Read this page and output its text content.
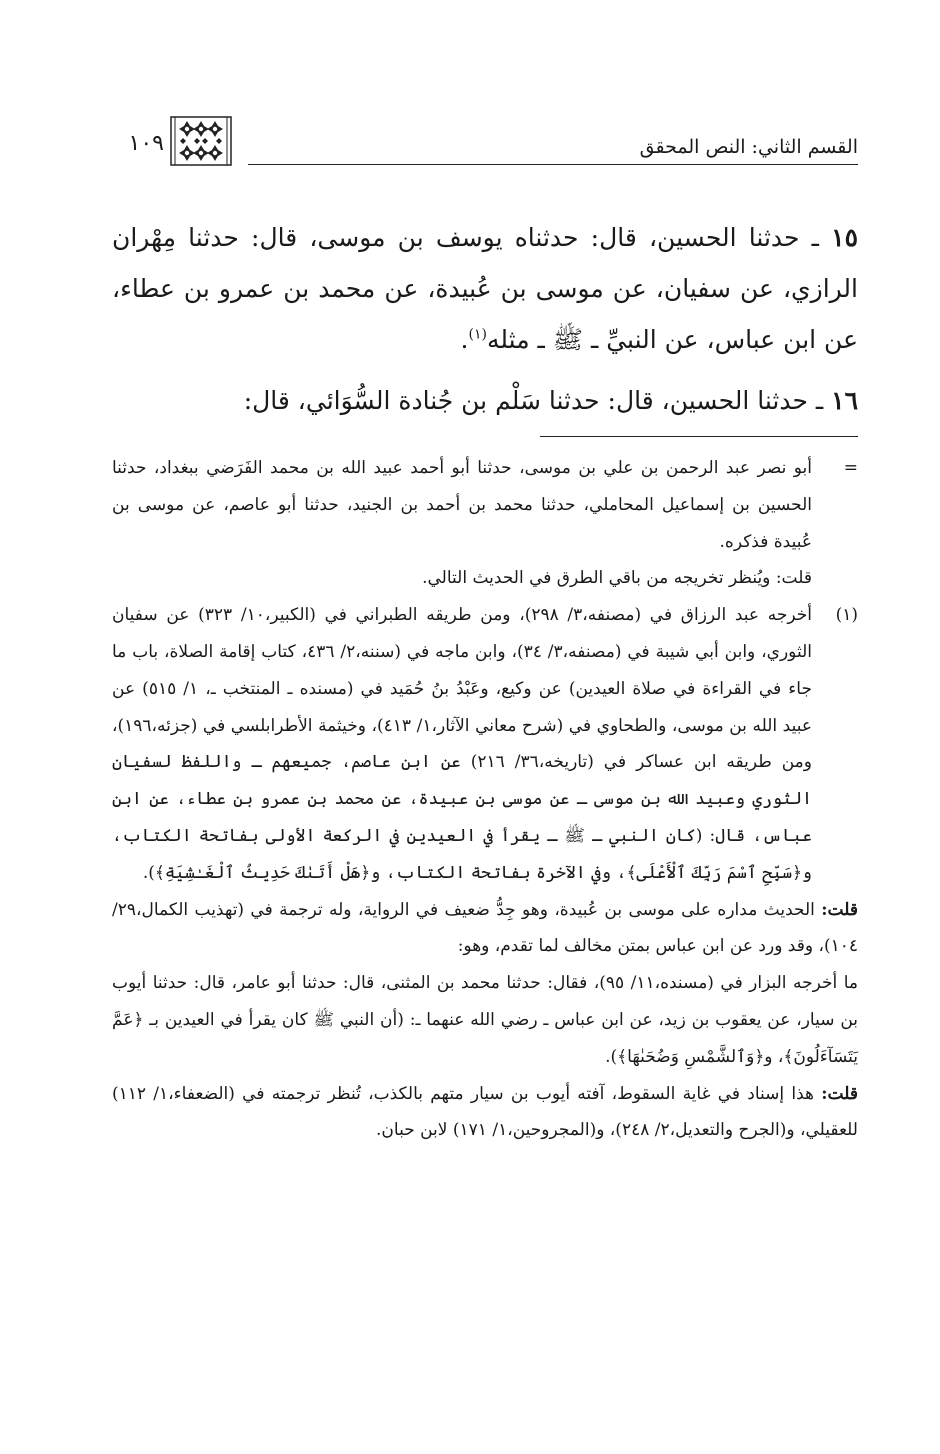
القسم الثاني: النص المحقق
١٠٩

١٥ ـ حدثنا الحسين، قال: حدثناه يوسف بن موسى، قال: حدثنا مِهْران الرازي، عن سفيان، عن موسى بن عُبيدة، عن محمد بن عمرو بن عطاء، عن ابن عباس، عن النبيِّ ـ ﷺ ـ مثله$^{(١)}$.

١٦ ـ حدثنا الحسين، قال: حدثنا سَلْم بن جُنادة السُّوَائي، قال:

=

أبو نصر عبد الرحمن بن علي بن موسى، حدثنا أبو أحمد عبيد الله بن محمد الفَرَضي ببغداد، حدثنا الحسين بن إسماعيل المحاملي، حدثنا محمد بن أحمد بن الجنيد، حدثنا أبو عاصم، عن موسى بن عُبيدة فذكره.

قلت: ويُنظر تخريجه من باقي الطرق في الحديث التالي.

(١)

أخرجه عبد الرزاق في (مصنفه،٣/ ٢٩٨)، ومن طريقه الطبراني في (الكبير،١٠/ ٣٢٣) عن سفيان الثوري، وابن أبي شيبة في (مصنفه،٣/ ٣٤)، وابن ماجه في (سننه،٢/ ٤٣٦، كتاب إقامة الصلاة، باب ما جاء في القراءة في صلاة العيدين) عن وكيع، وعَبْدُ بنُ حُمَيد في (مسنده ـ المنتخب ـ، ١/ ٥١٥) عن عبيد الله بن موسى، والطحاوي في (شرح معاني الآثار،١/ ٤١٣)، وخيثمة الأطرابلسي في (جزئه،١٩٦)، ومن طريقه ابن عساكر في (تاريخه،٣٦/ ٢١٦) عن ابن عاصم، جميعهم ـ واللفظ لسفيان الثوري وعبيد الله بن موسى ـ عن موسى بن عبيدة، عن محمد بن عمرو بن عطاء، عن ابن عباس، قال: (كان النبي ـ ﷺ ـ يقرأ في العيدين في الركعة الأولى بفاتحة الكتاب، و﴿سَبِّحِ ٱسْمَ رَبِّكَ ٱلْأَعْلَى﴾، وفي الآخرة بفاتحة الكتاب، و﴿هَلْ أَتَىٰكَ حَدِيثُ ٱلْغَـٰشِيَةِ﴾).

قلت: الحديث مداره على موسى بن عُبيدة، وهو جِدُّ ضعيف في الرواية، وله ترجمة في (تهذيب الكمال،٢٩/ ١٠٤)، وقد ورد عن ابن عباس بمتن مخالف لما تقدم، وهو:

ما أخرجه البزار في (مسنده،١١/ ٩٥)، فقال: حدثنا محمد بن المثنى، قال: حدثنا أبو عامر، قال: حدثنا أيوب بن سيار، عن يعقوب بن زيد، عن ابن عباس ـ رضي الله عنهما ـ: (أن النبي ﷺ كان يقرأ في العيدين بـ ﴿عَمَّ يَتَسَآءَلُونَ﴾، و﴿وَٱلشَّمْسِ وَضُحَىٰهَا﴾).

قلت: هذا إسناد في غاية السقوط، آفته أيوب بن سيار متهم بالكذب، تُنظر ترجمته في (الضعفاء،١/ ١١٢) للعقيلي، و(الجرح والتعديل،٢/ ٢٤٨)، و(المجروحين،١/ ١٧١) لابن حبان.
